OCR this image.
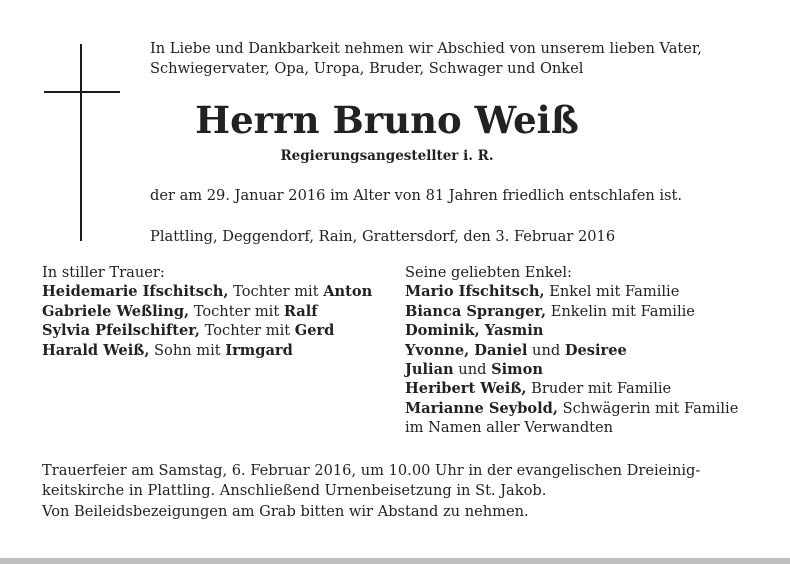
In Liebe und Dankbarkeit nehmen wir Abschied von unserem lieben Vater,
Schwiegervater, Opa, Uropa, Bruder, Schwager und Onkel
Herrn Bruno Weiß
Regierungsangestellter i. R.
der am 29. Januar 2016 im Alter von 81 Jahren friedlich entschlafen ist.
Plattling, Deggendorf, Rain, Grattersdorf, den 3. Februar 2016
In stiller Trauer:
Heidemarie Ifschitsch, Tochter mit Anton
Gabriele Weßling, Tochter mit Ralf
Sylvia Pfeilschifter, Tochter mit Gerd
Harald Weiß, Sohn mit Irmgard
Seine geliebten Enkel:
Mario Ifschitsch, Enkel mit Familie
Bianca Spranger, Enkelin mit Familie
Dominik, Yasmin
Yvonne, Daniel und Desiree
Julian und Simon
Heribert Weiß, Bruder mit Familie
Marianne Seybold, Schwägerin mit Familie
im Namen aller Verwandten
Trauerfeier am Samstag, 6. Februar 2016, um 10.00 Uhr in der evangelischen Dreieinig-
keitskirche in Plattling. Anschließend Urnenbeisetzung in St. Jakob.
Von Beileidsbezeigungen am Grab bitten wir Abstand zu nehmen.
